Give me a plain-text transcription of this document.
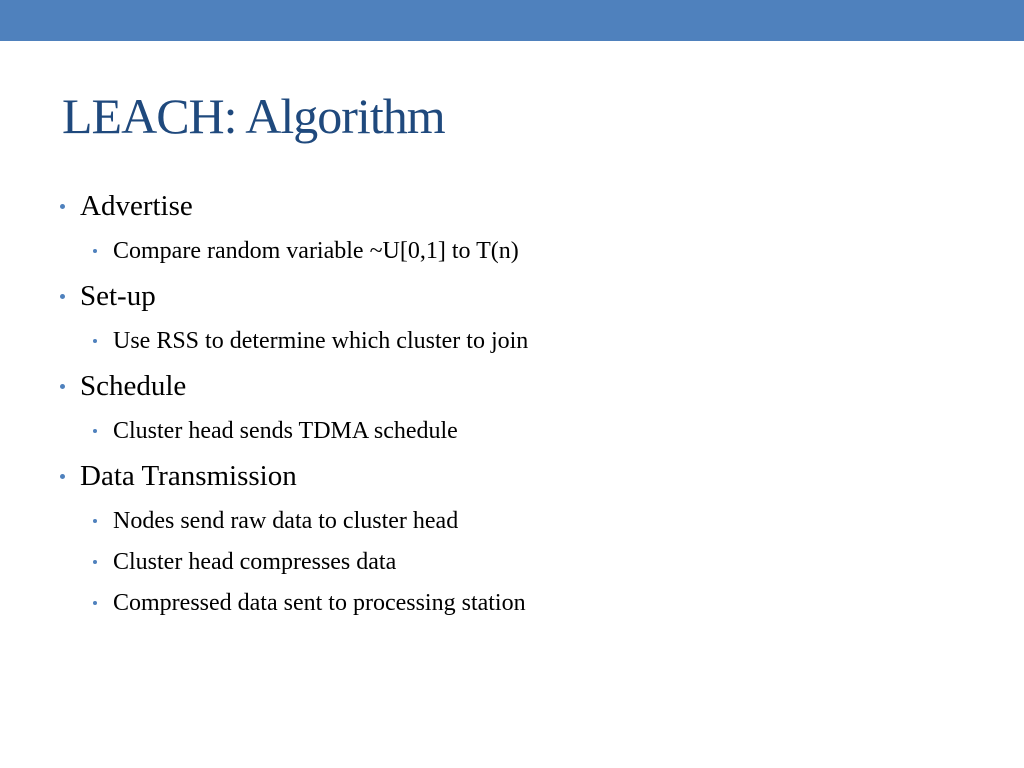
LEACH: Algorithm
Advertise
Compare random variable ~U[0,1] to T(n)
Set-up
Use RSS to determine which cluster to join
Schedule
Cluster head sends TDMA schedule
Data Transmission
Nodes send raw data to cluster head
Cluster head compresses data
Compressed data sent to processing station
